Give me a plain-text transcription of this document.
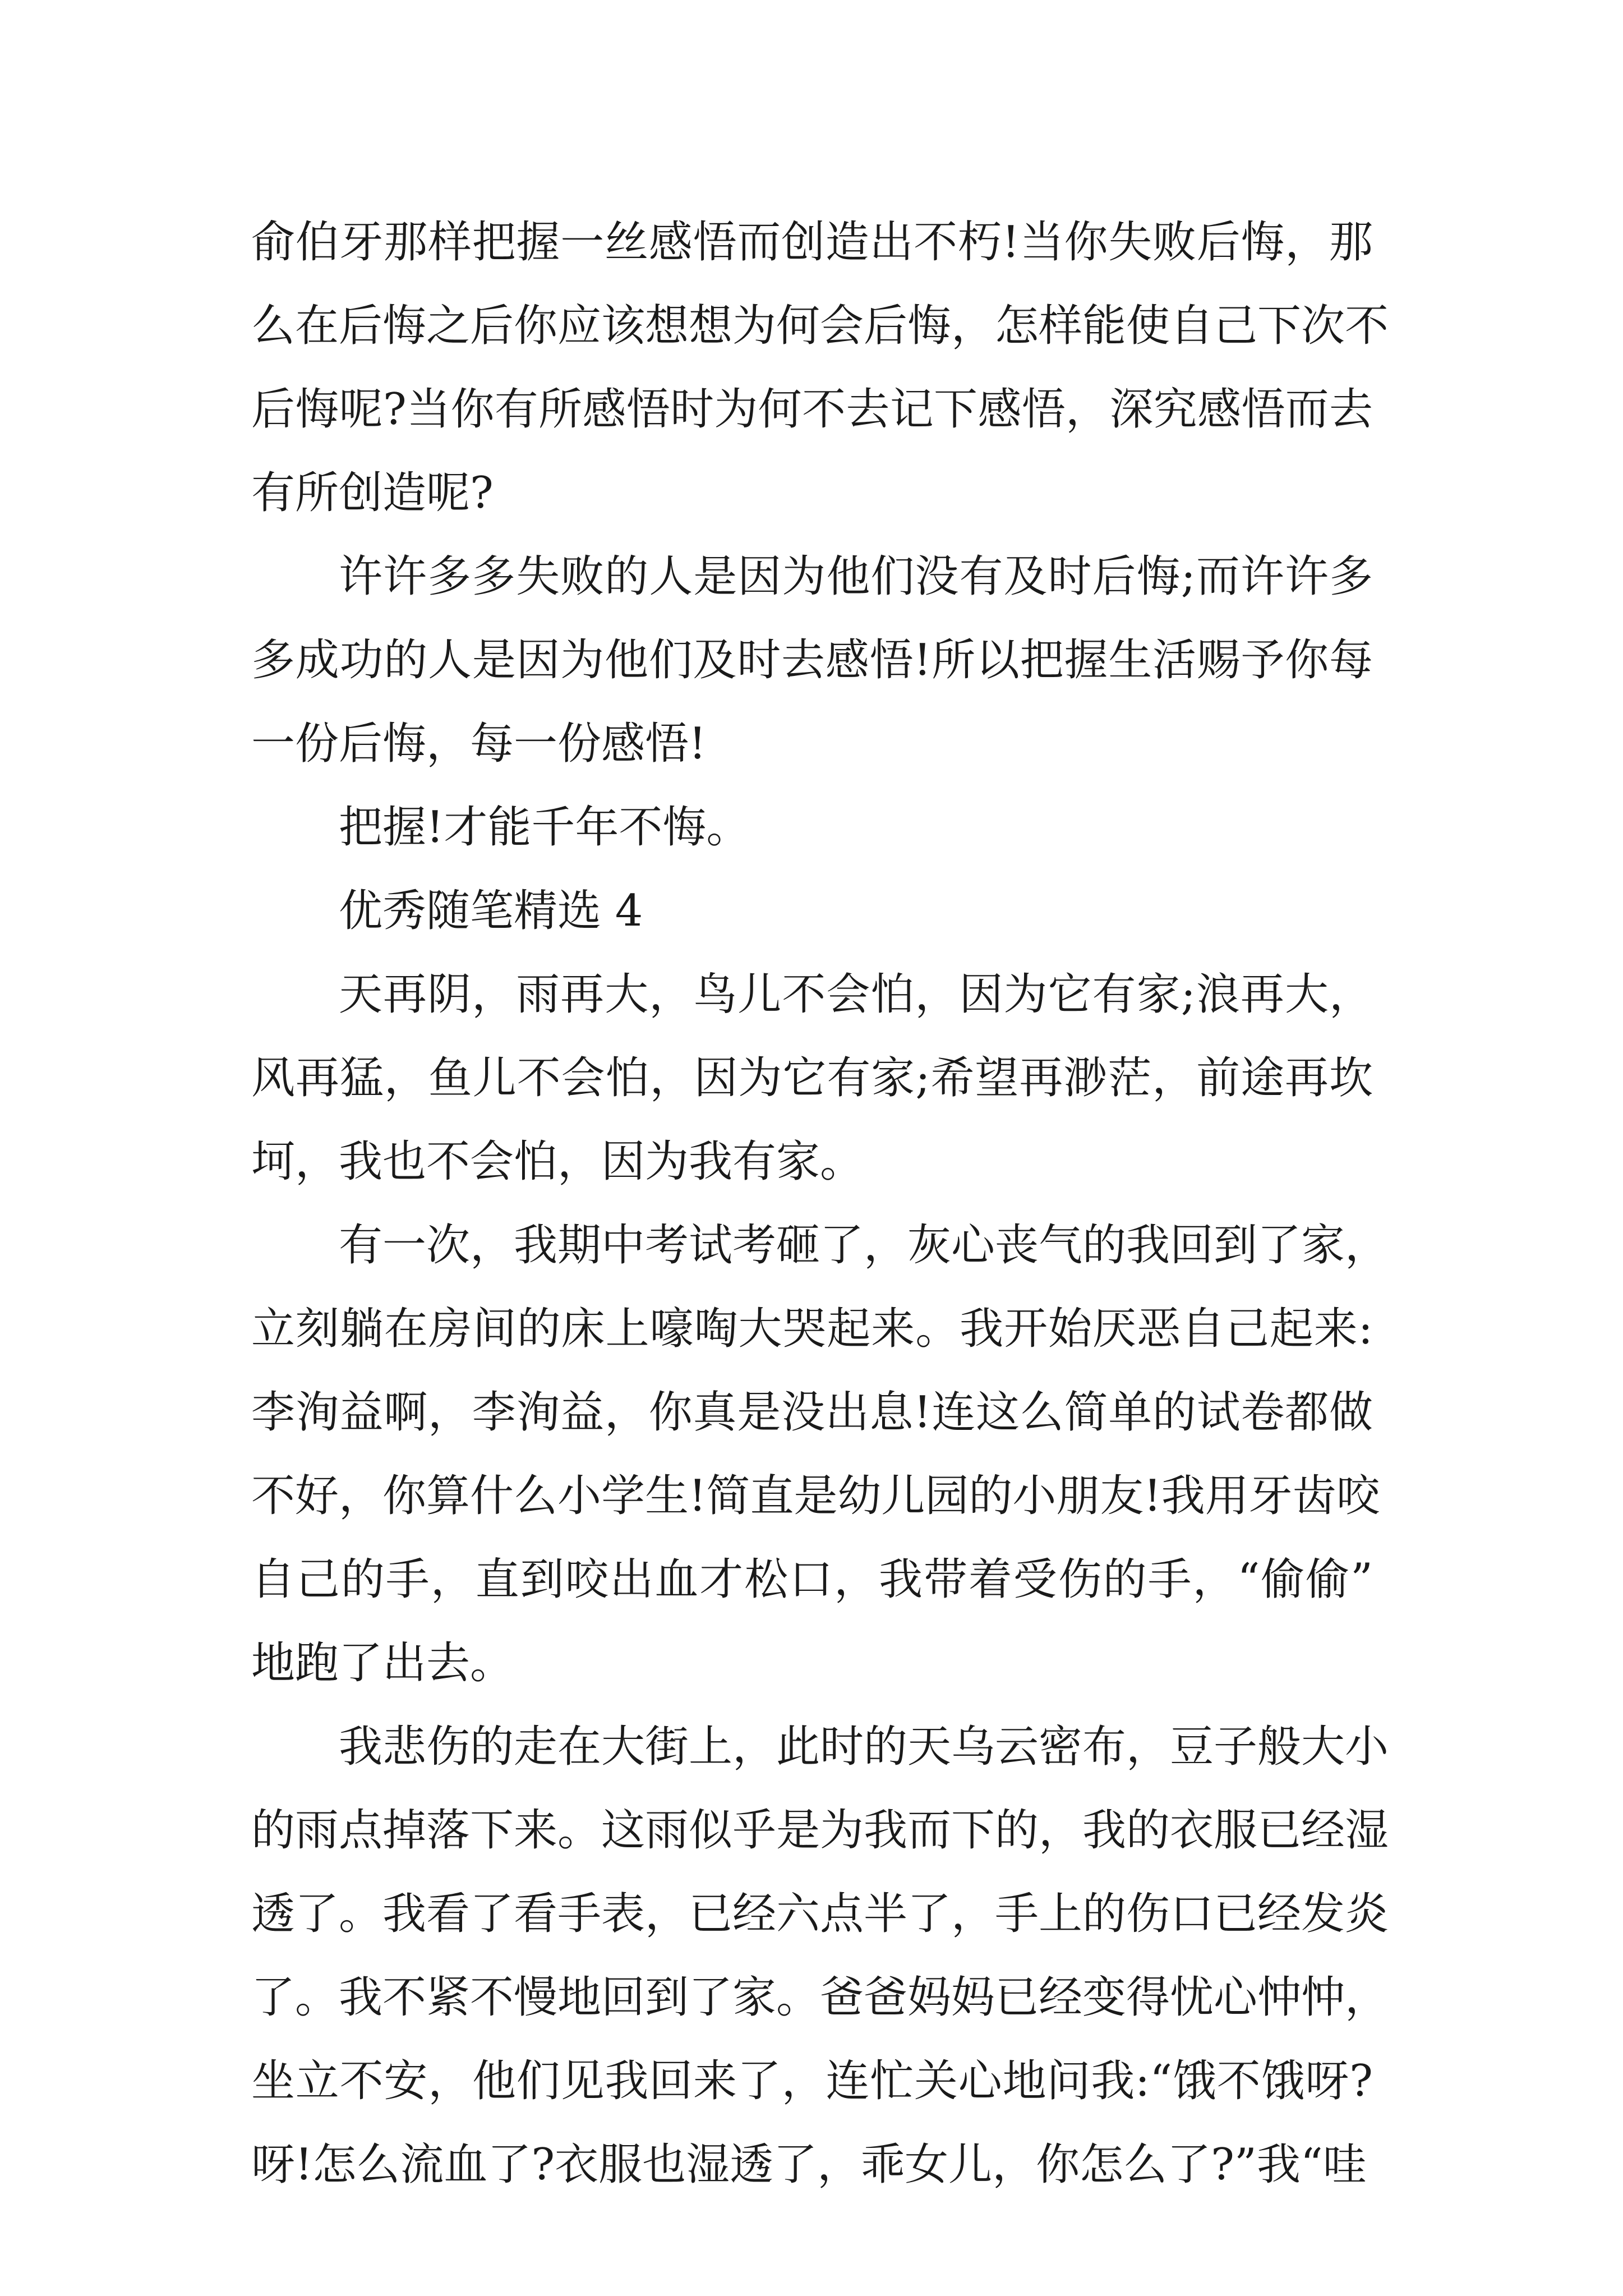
俞伯牙那样把握一丝感悟而创造出不朽!当你失败后悔，那
么在后悔之后你应该想想为何会后悔，怎样能使自己下次不
后悔呢?当你有所感悟时为何不去记下感悟，深究感悟而去
有所创造呢?
许许多多失败的人是因为他们没有及时后悔;而许许多
多成功的人是因为他们及时去感悟!所以把握生活赐予你每
一份后悔，每一份感悟!
把握!才能千年不悔。
优秀随笔精选 4
天再阴，雨再大，鸟儿不会怕，因为它有家;浪再大，
风再猛，鱼儿不会怕，因为它有家;希望再渺茫，前途再坎
坷，我也不会怕，因为我有家。
有一次，我期中考试考砸了，灰心丧气的我回到了家，
立刻躺在房间的床上嚎啕大哭起来。我开始厌恶自己起来:
李洵益啊，李洵益，你真是没出息!连这么简单的试卷都做
不好，你算什么小学生!简直是幼儿园的小朋友!我用牙齿咬
自己的手，直到咬出血才松口，我带着受伤的手，“偷偷”
地跑了出去。
我悲伤的走在大街上，此时的天乌云密布，豆子般大小
的雨点掉落下来。这雨似乎是为我而下的，我的衣服已经湿
透了。我看了看手表，已经六点半了，手上的伤口已经发炎
了。我不紧不慢地回到了家。爸爸妈妈已经变得忧心忡忡，
坐立不安，他们见我回来了，连忙关心地问我:“饿不饿呀?
呀!怎么流血了?衣服也湿透了，乖女儿，你怎么了?”我“哇
